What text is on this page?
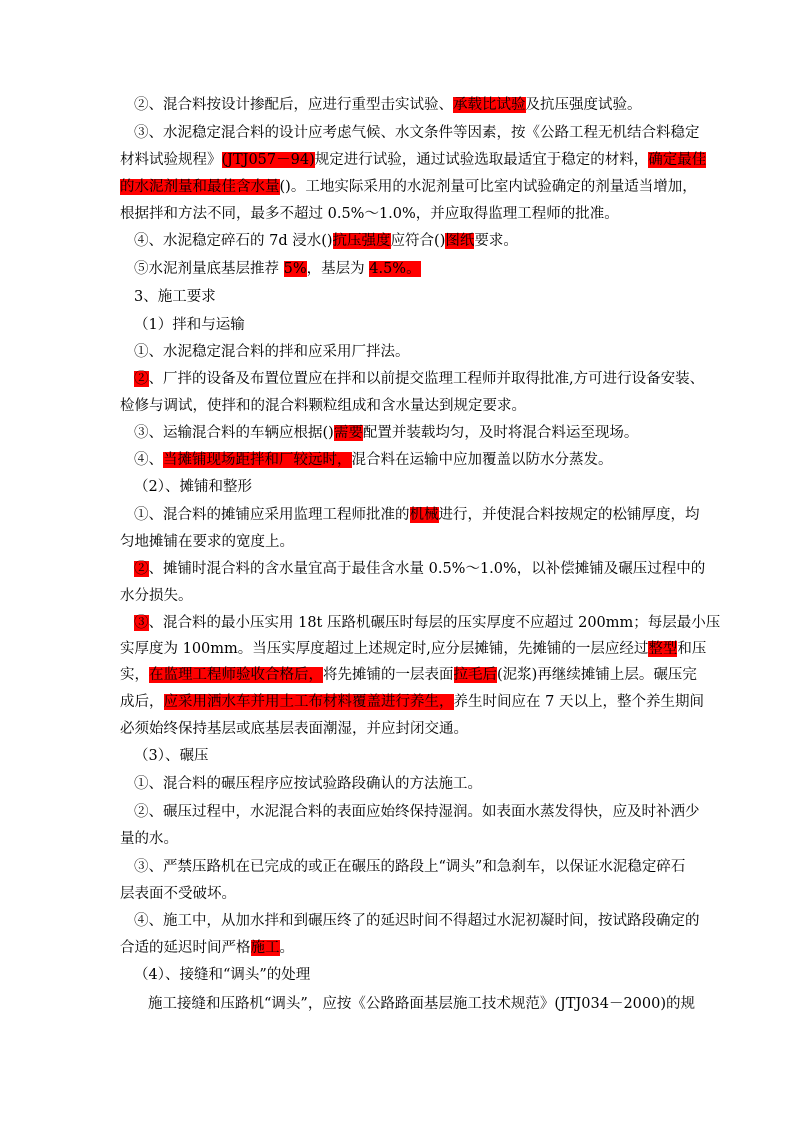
②、混合料按设计掺配后，应进行重型击实试验、承载比试验及抗压强度试验。
③、水泥稳定混合料的设计应考虑气候、水文条件等因素，按《公路工程无机结合料稳定
材料试验规程》(JTJ057－94)规定进行试验，通过试验选取最适宜于稳定的材料，确定最佳
的水泥剂量和最佳含水量()。工地实际采用的水泥剂量可比室内试验确定的剂量适当增加，
根据拌和方法不同，最多不超过 0.5%～1.0%，并应取得监理工程师的批准。
④、水泥稳定碎石的 7d 浸水()抗压强度应符合()图纸要求。
⑤水泥剂量底基层推荐 5%，基层为 4.5%。
3、施工要求
（1）拌和与运输
①、水泥稳定混合料的拌和应采用厂拌法。
②、厂拌的设备及布置位置应在拌和以前提交监理工程师并取得批准,方可进行设备安装、
检修与调试，使拌和的混合料颗粒组成和含水量达到规定要求。
③、运输混合料的车辆应根据()需要配置并装载均匀，及时将混合料运至现场。
④、当摊铺现场距拌和厂较远时，混合料在运输中应加覆盖以防水分蒸发。
（2）、摊铺和整形
①、混合料的摊铺应采用监理工程师批准的机械进行，并使混合料按规定的松铺厚度，均
匀地摊铺在要求的宽度上。
②、摊铺时混合料的含水量宜高于最佳含水量 0.5%～1.0%，以补偿摊铺及碾压过程中的
水分损失。
③、混合料的最小压实用 18t 压路机碾压时每层的压实厚度不应超过 200mm；每层最小压
实厚度为 100mm。当压实厚度超过上述规定时,应分层摊铺，先摊铺的一层应经过整型和压
实，在监理工程师验收合格后，将先摊铺的一层表面拉毛后(泥浆)再继续摊铺上层。碾压完
成后，应采用洒水车并用土工布材料覆盖进行养生，养生时间应在 7 天以上，整个养生期间
必须始终保持基层或底基层表面潮湿，并应封闭交通。
（3）、碾压
①、混合料的碾压程序应按试验路段确认的方法施工。
②、碾压过程中，水泥混合料的表面应始终保持湿润。如表面水蒸发得快，应及时补洒少
量的水。
③、严禁压路机在已完成的或正在碾压的路段上“调头”和急刹车，以保证水泥稳定碎石
层表面不受破坏。
④、施工中，从加水拌和到碾压终了的延迟时间不得超过水泥初凝时间，按试路段确定的
合适的延迟时间严格施工。
（4）、接缝和“调头”的处理
施工接缝和压路机“调头”，应按《公路路面基层施工技术规范》(JTJ034－2000)的规
